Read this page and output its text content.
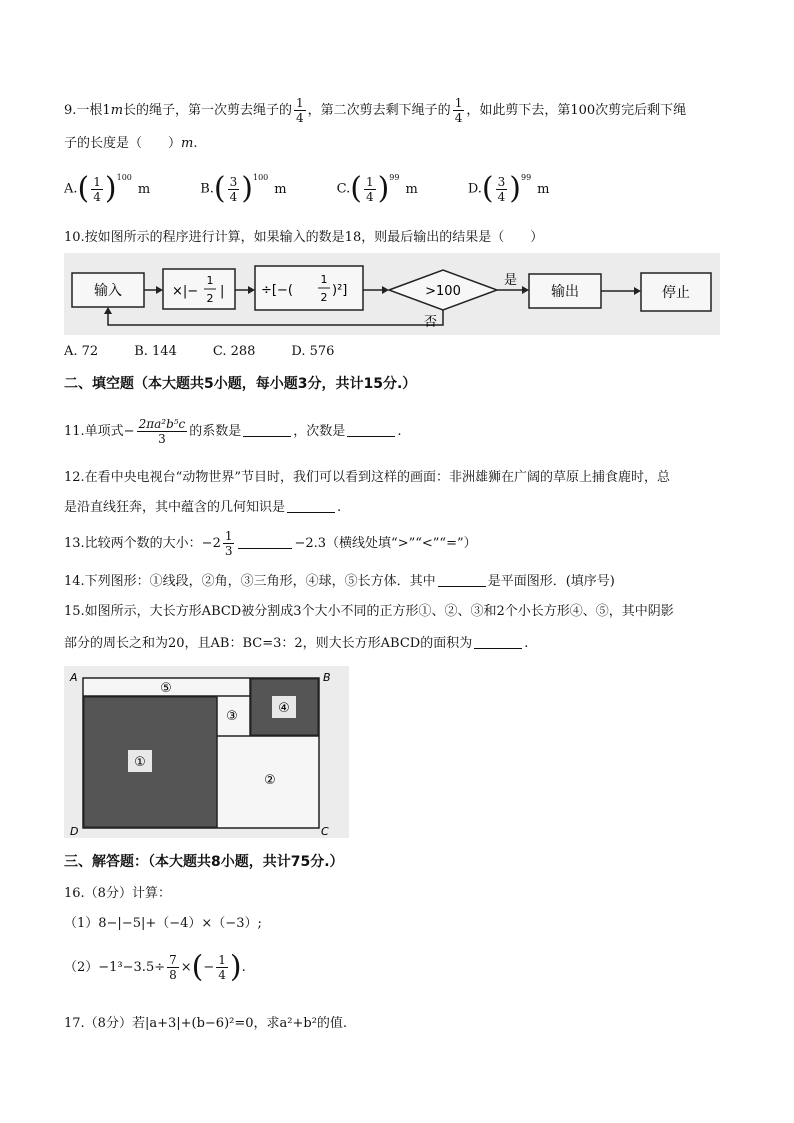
9.一根1m长的绳子，第一次剪去绳子的 $\frac{1}{4}$ ，第二次剪去剩下绳子的 $\frac{1}{4}$ ，如此剪下去，第100次剪完后剩下绳
子的长度是（　　）m.
$A.( \frac{1}{4} )^{100}m$	$B.( \frac{3}{4} )^{100}m$	$C.( \frac{1}{4} )^{99}m$	$D.( \frac{3}{4} )^{99}m$
10.按如图所示的程序进行计算，如果输入的数是18，则最后输出的结果是（　　）
输入	×|−
1
2 |	÷[−(
1
2 )²]	>100
是
输出	停止
否
A. 72	B. 144	C. 288	D. 576
二、填空题（本大题共5小题，每小题3分，共计15分.）
11.单项式− $\frac{\text{2πa²b⁵c}}{3}$ 的系数是	，次数是	.
12.在看中央电视台“动物世界”节目时，我们可以看到这样的画面：非洲雄狮在广阔的草原上捕食鹿时，总
是沿直线狂奔，其中蕴含的几何知识是	.
13.比较两个数的大小：$-2 \frac{1}{3}$	−2.3（横线处填“>”“<”“=”）
14.下列图形：①线段，②角，③三角形，④球，⑤长方体．其中	是平面图形．(填序号)
15.如图所示，大长方形ABCD被分割成3个大小不同的正方形①、②、③和2个小长方形④、⑤，其中阴影
部分的周长之和为20，且AB：BC=3：2，则大长方形ABCD的面积为	.
⑤
③
④
①
②
A	B
D	C
三、解答题：（本大题共8小题，共计75分.）
16.（8分）计算：
（1）8−|−5|+（−4）×（−3）;
$(2)-1^3-3.5\div \frac{7}{8}$ ×(− $\frac{1}{4}$ ).
17.（8分）若|a+3|+(b−6)²=0，求a²+b²的值.
